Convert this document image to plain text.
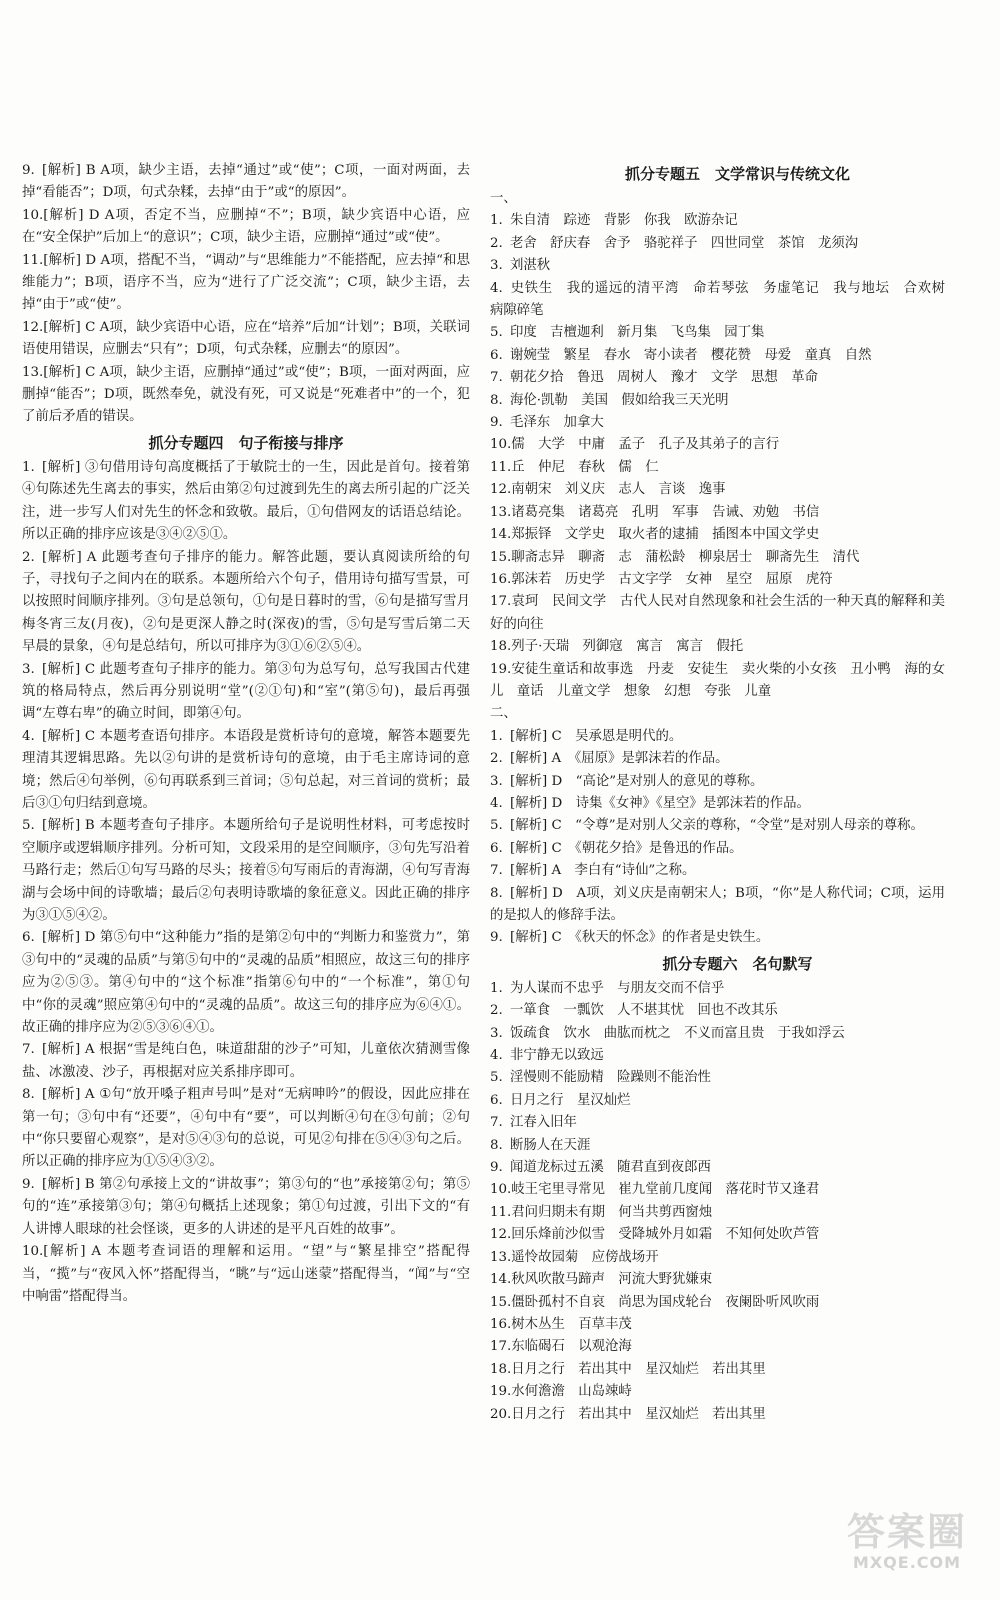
9. [解析] B A项，缺少主语，去掉“通过”或“使”；C项，一面对两面，去掉“看能否”；D项，句式杂糅，去掉“由于”或“的原因”。

10.[解析] D A项，否定不当，应删掉“不”；B项，缺少宾语中心语，应在“安全保护”后加上“的意识”；C项，缺少主语，应删掉“通过”或“使”。

11.[解析] D A项，搭配不当，“调动”与“思维能力”不能搭配，应去掉“和思维能力”；B项，语序不当，应为“进行了广泛交流”；C项，缺少主语，去掉“由于”或“使”。

12.[解析] C A项，缺少宾语中心语，应在“培养”后加“计划”；B项，关联词语使用错误，应删去“只有”；D项，句式杂糅，应删去“的原因”。

13.[解析] C A项，缺少主语，应删掉“通过”或“使”；B项，一面对两面，应删掉“能否”；D项，既然奉免，就没有死，可又说是“死难者中”的一个，犯了前后矛盾的错误。

抓分专题四　句子衔接与排序

1. [解析] ③句借用诗句高度概括了于敏院士的一生，因此是首句。接着第④句陈述先生离去的事实，然后由第②句过渡到先生的离去所引起的广泛关注，进一步写人们对先生的怀念和致敬。最后，①句借网友的话语总结论。所以正确的排序应该是③④②⑤①。

2. [解析] A 此题考查句子排序的能力。解答此题，要认真阅读所给的句子，寻找句子之间内在的联系。本题所给六个句子，借用诗句描写雪景，可以按照时间顺序排列。③句是总领句，①句是日暮时的雪，⑥句是描写雪月梅冬宵三友(月夜)，②句是更深人静之时(深夜)的雪，⑤句是写雪后第二天早晨的景象，④句是总结句，所以可排序为③①⑥②⑤④。

3. [解析] C 此题考查句子排序的能力。第③句为总写句，总写我国古代建筑的格局特点，然后再分别说明“堂”(②①句)和“室”(第⑤句)，最后再强调“左尊右卑”的确立时间，即第④句。

4. [解析] C 本题考查语句排序。本语段是赏析诗句的意境，解答本题要先理清其逻辑思路。先以②句讲的是赏析诗句的意境，由于毛主席诗词的意境；然后④句举例，⑥句再联系到三首词；⑤句总起，对三首词的赏析；最后③①句归结到意境。

5. [解析] B 本题考查句子排序。本题所给句子是说明性材料，可考虑按时空顺序或逻辑顺序排列。分析可知，文段采用的是空间顺序，③句先写沿着马路行走；然后①句写马路的尽头；接着⑤句写雨后的青海湖，④句写青海湖与会场中间的诗歌墙；最后②句表明诗歌墙的象征意义。因此正确的排序为③①⑤④②。

6. [解析] D 第⑤句中“这种能力”指的是第②句中的“判断力和鉴赏力”，第③句中的“灵魂的品质”与第⑤句中的“灵魂的品质”相照应，故这三句的排序应为②⑤③。第④句中的“这个标准”指第⑥句中的“一个标准”，第①句中“你的灵魂”照应第④句中的“灵魂的品质”。故这三句的排序应为⑥④①。故正确的排序应为②⑤③⑥④①。

7. [解析] A 根据“雪是纯白色，味道甜甜的沙子”可知，儿童依次猜测雪像盐、冰激凌、沙子，再根据对应关系排序即可。

8. [解析] A ①句“放开嗓子粗声号叫”是对“无病呻吟”的假设，因此应排在第一句；③句中有“还要”，④句中有“要”，可以判断④句在③句前；②句中“你只要留心观察”，是对⑤④③句的总说，可见②句排在⑤④③句之后。所以正确的排序应为①⑤④③②。

9. [解析] B 第②句承接上文的“讲故事”；第③句的“也”承接第②句；第⑤句的“连”承接第③句；第④句概括上述现象；第①句过渡，引出下文的“有人讲博人眼球的社会怪谈，更多的人讲述的是平凡百姓的故事”。

10.[解析] A 本题考查词语的理解和运用。“望”与“繁星排空”搭配得当，“揽”与“夜风入怀”搭配得当，“眺”与“远山迷蒙”搭配得当，“闻”与“空中响雷”搭配得当。

抓分专题五　文学常识与传统文化
一、

1. 朱自清　踪迹　背影　你我　欧游杂记

2. 老舍　舒庆春　舍予　骆驼祥子　四世同堂　茶馆　龙须沟

3. 刘湛秋

4. 史铁生　我的遥远的清平湾　命若琴弦　务虚笔记　我与地坛　合欢树　病隙碎笔

5. 印度　吉檀迦利　新月集　飞鸟集　园丁集

6. 谢婉莹　繁星　春水　寄小读者　樱花赞　母爱　童真　自然

7. 朝花夕拾　鲁迅　周树人　豫才　文学　思想　革命

8. 海伦·凯勒　美国　假如给我三天光明

9. 毛泽东　加拿大

10.儒　大学　中庸　孟子　孔子及其弟子的言行

11.丘　仲尼　春秋　儒　仁

12.南朝宋　刘义庆　志人　言谈　逸事

13.诸葛亮集　诸葛亮　孔明　军事　告诫、劝勉　书信

14.郑振铎　文学史　取火者的逮捕　插图本中国文学史

15.聊斋志异　聊斋　志　蒲松龄　柳泉居士　聊斋先生　清代

16.郭沫若　历史学　古文字学　女神　星空　屈原　虎符

17.袁珂　民间文学　古代人民对自然现象和社会生活的一种天真的解释和美好的向往

18.列子·天瑞　列御寇　寓言　寓言　假托

19.安徒生童话和故事选　丹麦　安徒生　卖火柴的小女孩　丑小鸭　海的女儿　童话　儿童文学　想象　幻想　夸张　儿童

二、

1. [解析] C　吴承恩是明代的。

2. [解析] A　《屈原》是郭沫若的作品。

3. [解析] D　“高论”是对别人的意见的尊称。

4. [解析] D　诗集《女神》《星空》是郭沫若的作品。

5. [解析] C　“令尊”是对别人父亲的尊称，“令堂”是对别人母亲的尊称。

6. [解析] C　《朝花夕拾》是鲁迅的作品。

7. [解析] A　李白有“诗仙”之称。

8. [解析] D　A项，刘义庆是南朝宋人；B项，“你”是人称代词；C项，运用的是拟人的修辞手法。

9. [解析] C　《秋天的怀念》的作者是史铁生。

抓分专题六　名句默写

1. 为人谋而不忠乎　与朋友交而不信乎

2. 一箪食　一瓢饮　人不堪其忧　回也不改其乐

3. 饭疏食　饮水　曲肱而枕之　不义而富且贵　于我如浮云

4. 非宁静无以致远

5. 淫慢则不能励精　险躁则不能治性

6. 日月之行　星汉灿烂

7. 江春入旧年

8. 断肠人在天涯

9. 闻道龙标过五溪　随君直到夜郎西

10.岐王宅里寻常见　崔九堂前几度闻　落花时节又逢君

11.君问归期未有期　何当共剪西窗烛

12.回乐烽前沙似雪　受降城外月如霜　不知何处吹芦管

13.遥怜故园菊　应傍战场开

14.秋风吹散马蹄声　河流大野犹嫌束

15.僵卧孤村不自哀　尚思为国戍轮台　夜阑卧听风吹雨

16.树木丛生　百草丰茂

17.东临碣石　以观沧海

18.日月之行　若出其中　星汉灿烂　若出其里

19.水何澹澹　山岛竦峙

20.日月之行　若出其中　星汉灿烂　若出其里

答案圈
MXQE.COM
